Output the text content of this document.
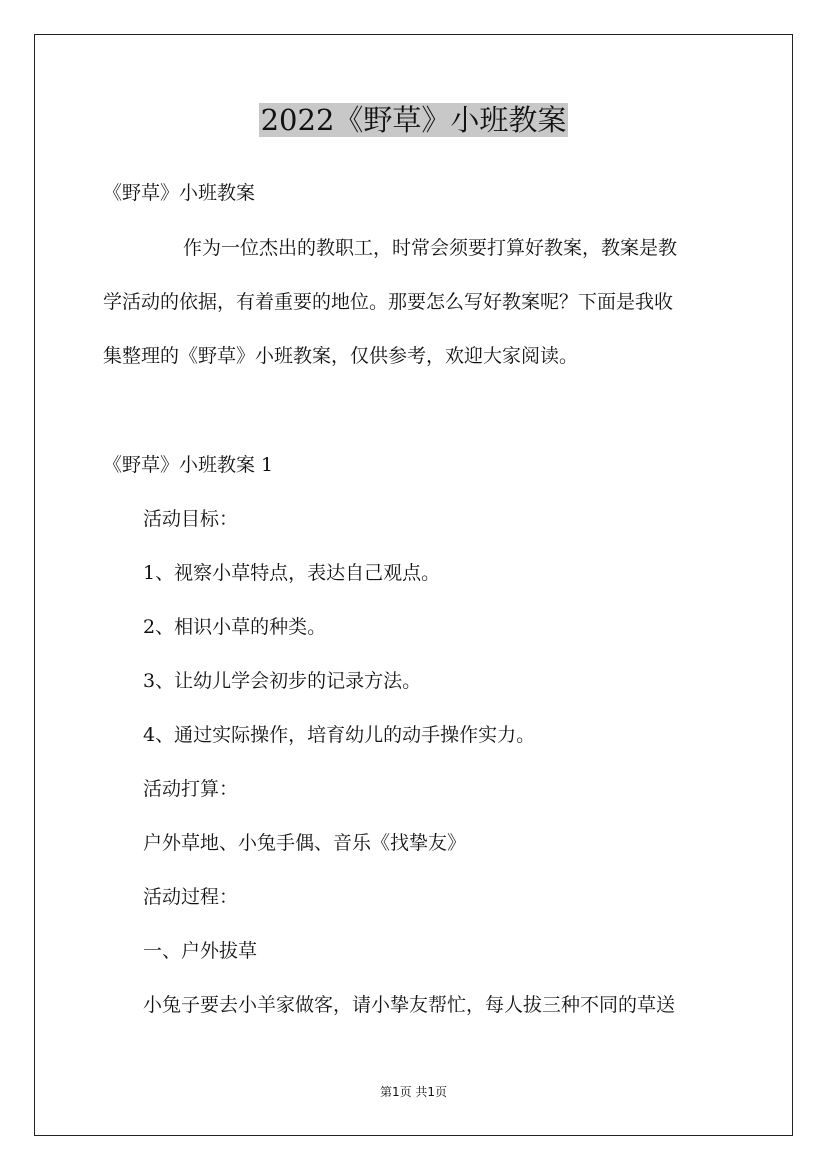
2022《野草》小班教案
《野草》小班教案
作为一位杰出的教职工，时常会须要打算好教案，教案是教
学活动的依据，有着重要的地位。那要怎么写好教案呢？下面是我收
集整理的《野草》小班教案，仅供参考，欢迎大家阅读。
《野草》小班教案 1
活动目标：
1、视察小草特点，表达自己观点。
2、相识小草的种类。
3、让幼儿学会初步的记录方法。
4、通过实际操作，培育幼儿的动手操作实力。
活动打算：
户外草地、小兔手偶、音乐《找挚友》
活动过程：
一、户外拔草
小兔子要去小羊家做客，请小挚友帮忙，每人拔三种不同的草送
第1页 共1页
